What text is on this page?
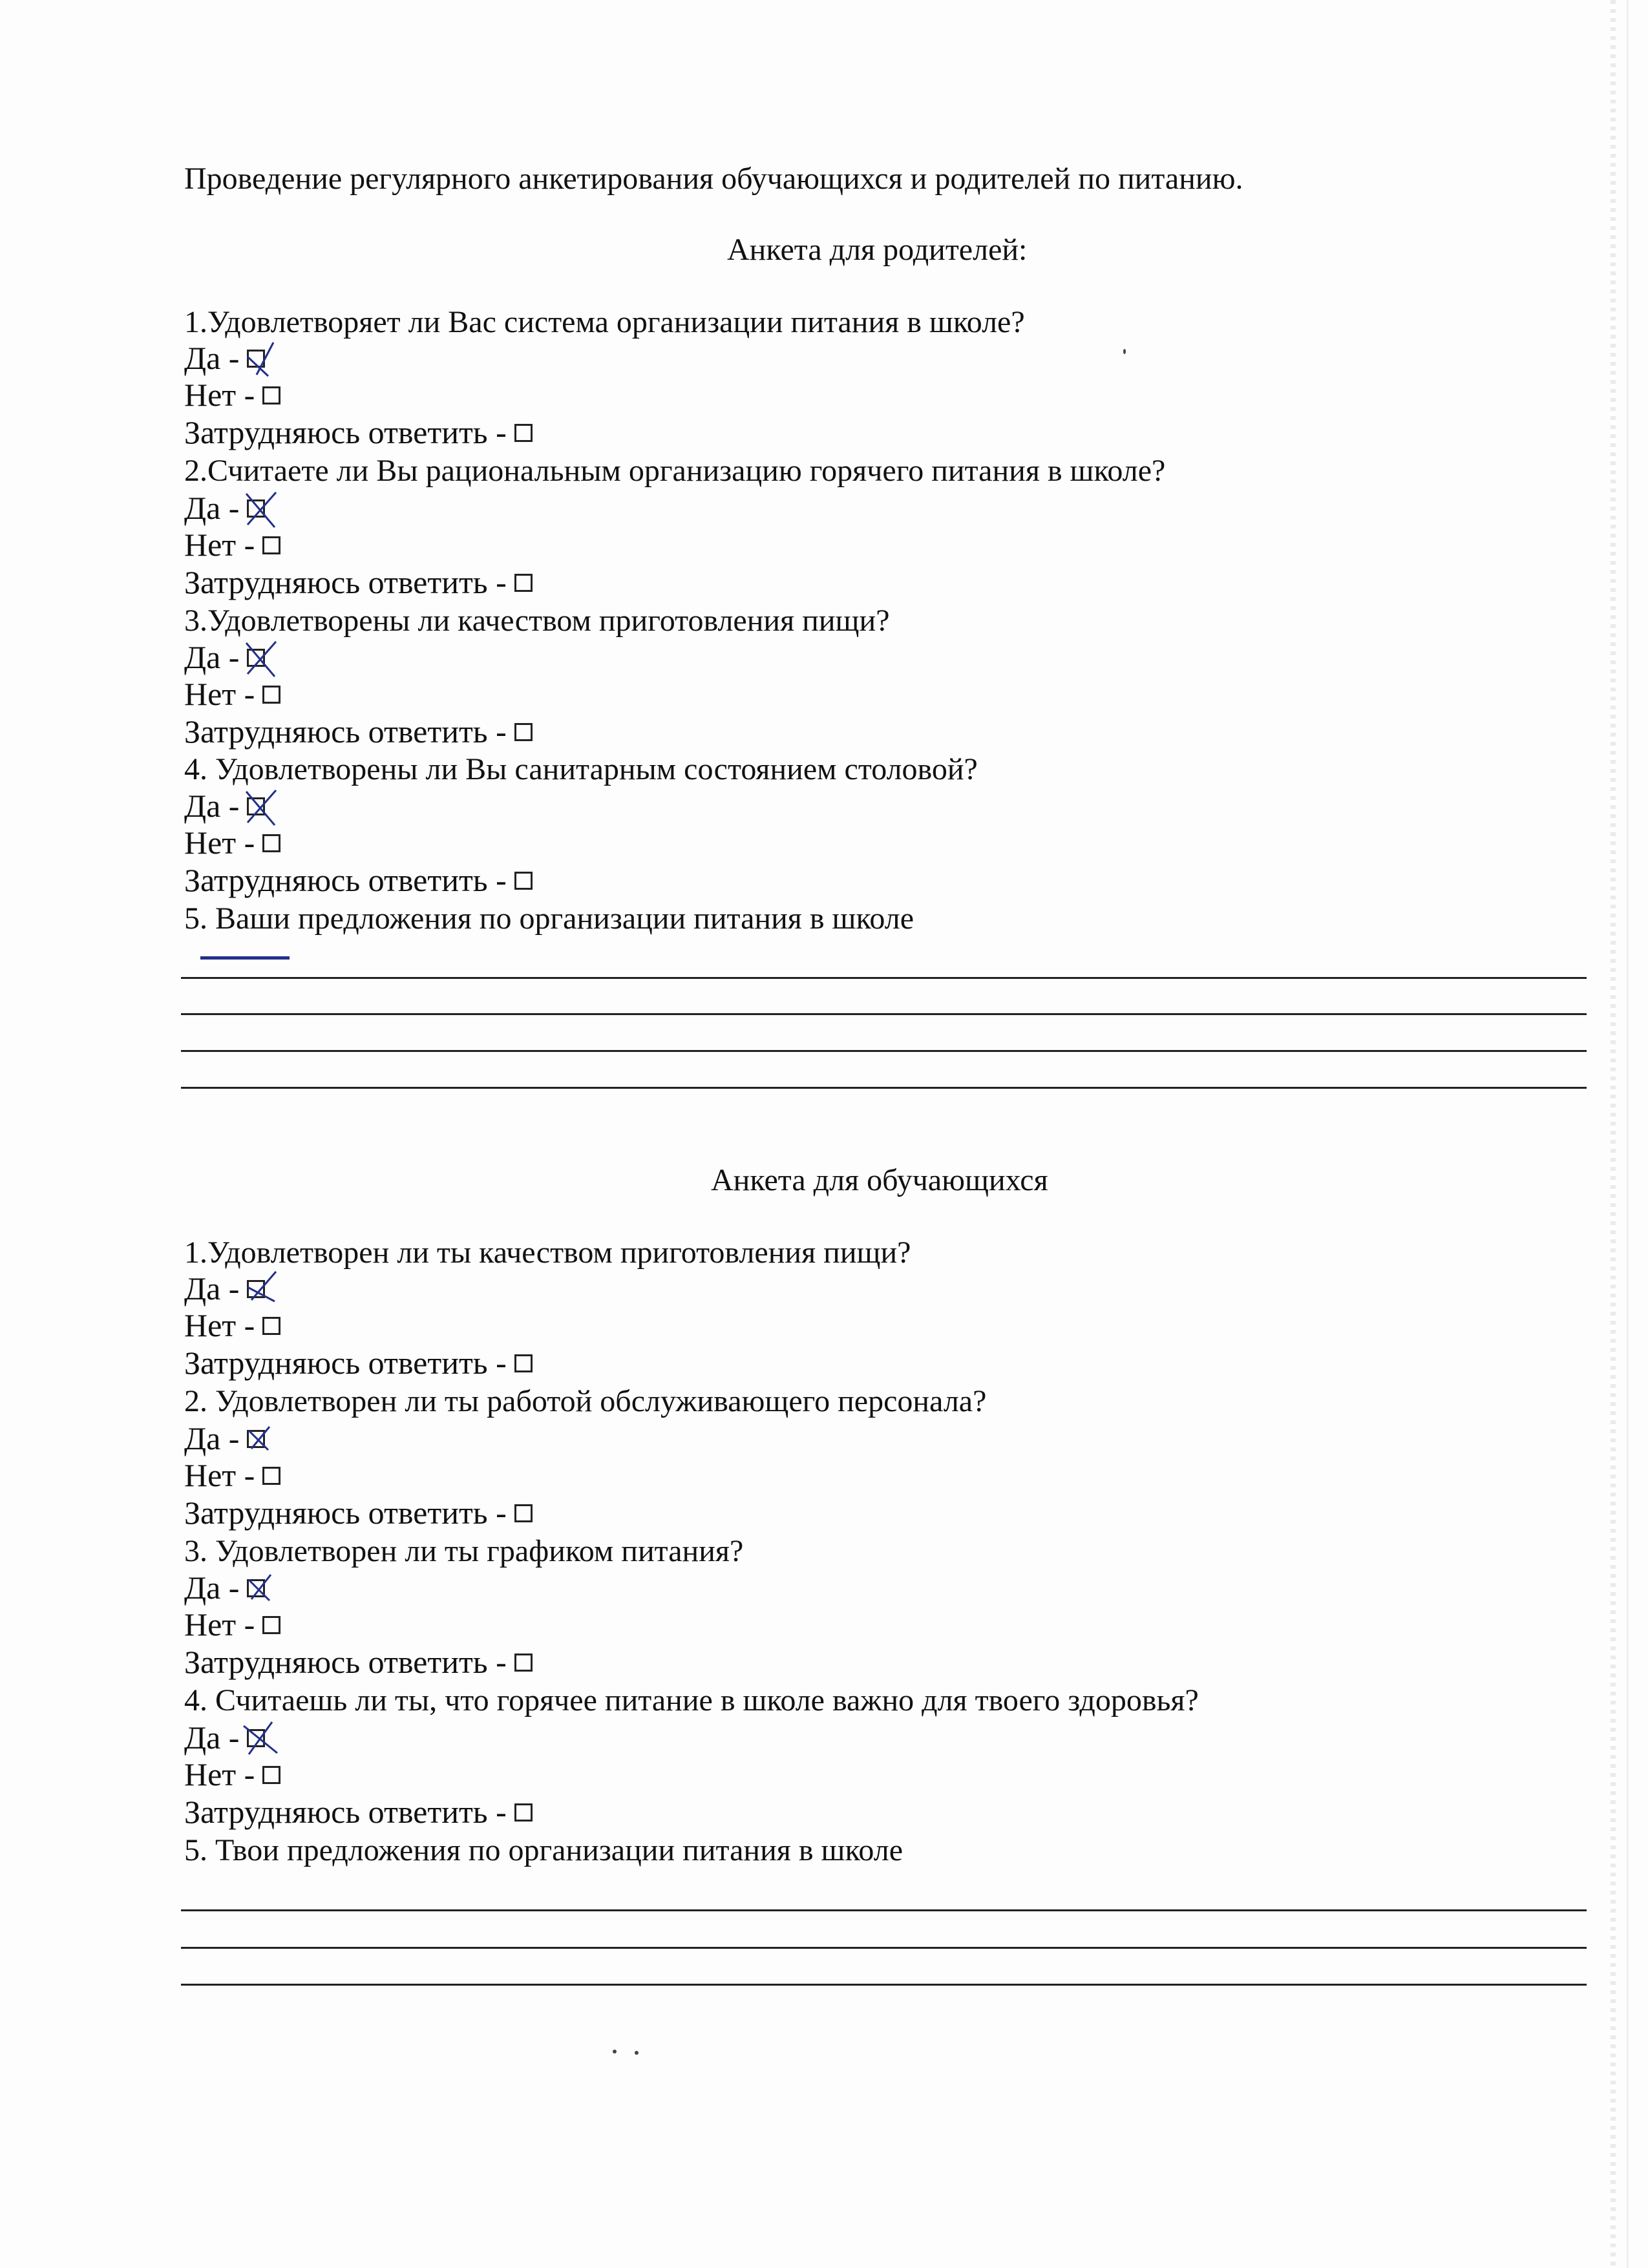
Проведение регулярного анкетирования обучающихся и родителей по питанию.
Анкета для родителей:
1.Удовлетворяет ли Вас система организации питания в школе?
Да -
Нет -
Затрудняюсь ответить -
2.Считаете ли Вы рациональным организацию горячего питания в школе?
Да -
Нет -
Затрудняюсь ответить -
3.Удовлетворены ли качеством приготовления пищи?
Да -
Нет -
Затрудняюсь ответить -
4. Удовлетворены ли Вы санитарным состоянием столовой?
Да -
Нет -
Затрудняюсь ответить -
5. Ваши предложения по организации питания в школе
Анкета для обучающихся
1.Удовлетворен ли ты качеством приготовления пищи?
Да -
Нет -
Затрудняюсь ответить -
2. Удовлетворен ли ты работой обслуживающего персонала?
Да -
Нет -
Затрудняюсь ответить -
3. Удовлетворен ли ты графиком питания?
Да -
Нет -
Затрудняюсь ответить -
4. Считаешь ли ты, что горячее питание в школе важно для твоего здоровья?
Да -
Нет -
Затрудняюсь ответить -
5. Твои предложения по организации питания в школе
